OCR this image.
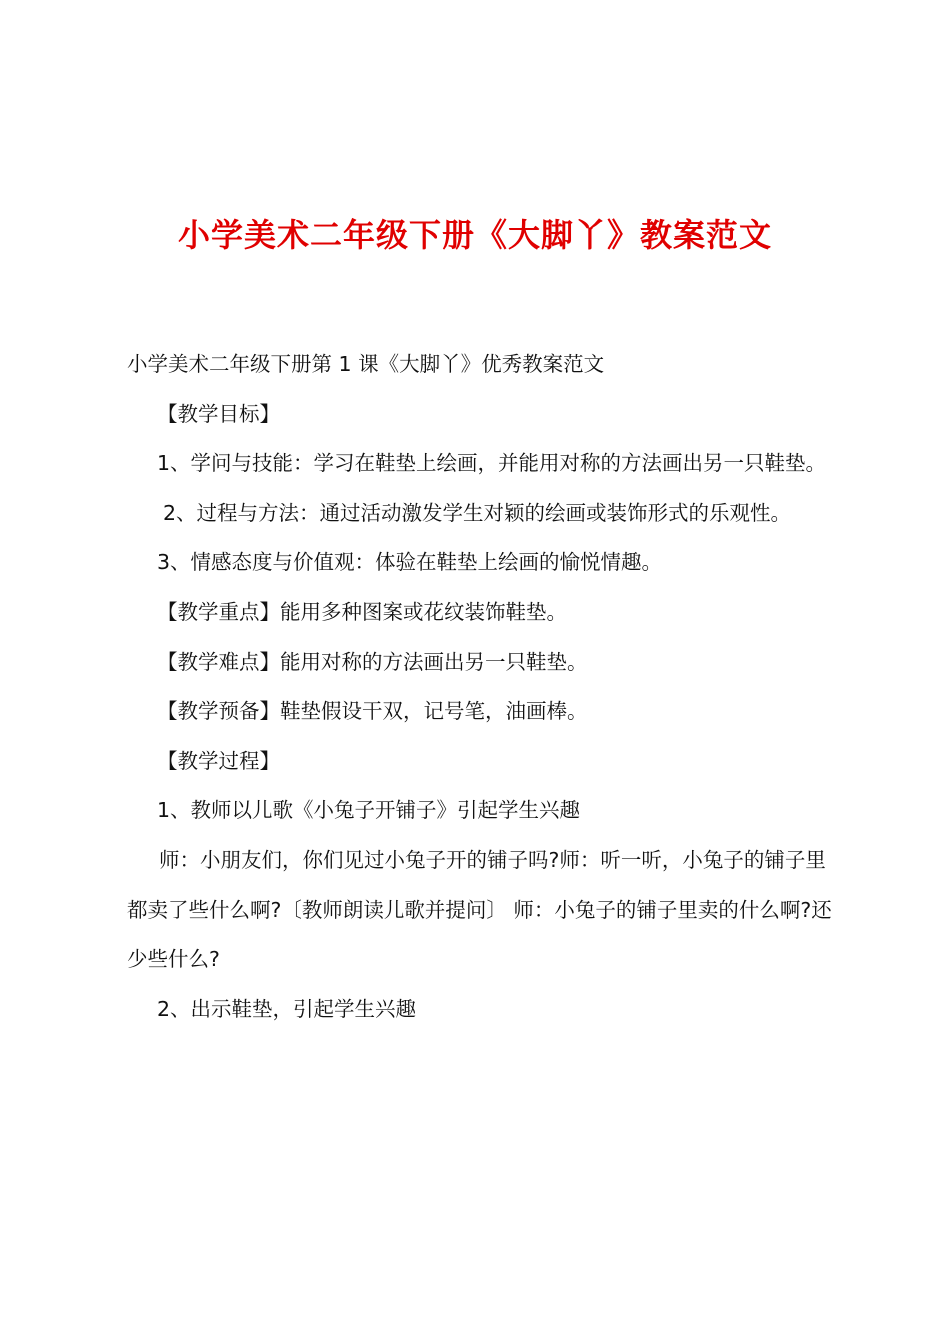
小学美术二年级下册《大脚丫》教案范文

小学美术二年级下册第 1 课《大脚丫》优秀教案范文

【教学目标】

1、学问与技能：学习在鞋垫上绘画，并能用对称的方法画出另一只鞋垫。

2、过程与方法：通过活动激发学生对颖的绘画或装饰形式的乐观性。

3、情感态度与价值观：体验在鞋垫上绘画的愉悦情趣。

【教学重点】能用多种图案或花纹装饰鞋垫。

【教学难点】能用对称的方法画出另一只鞋垫。

【教学预备】鞋垫假设干双，记号笔，油画棒。

【教学过程】

1、教师以儿歌《小兔子开铺子》引起学生兴趣

师：小朋友们，你们见过小兔子开的铺子吗?师：听一听，小兔子的铺子里都卖了些什么啊?〔教师朗读儿歌并提问〕 师：小兔子的铺子里卖的什么啊?还少些什么?

2、出示鞋垫，引起学生兴趣
